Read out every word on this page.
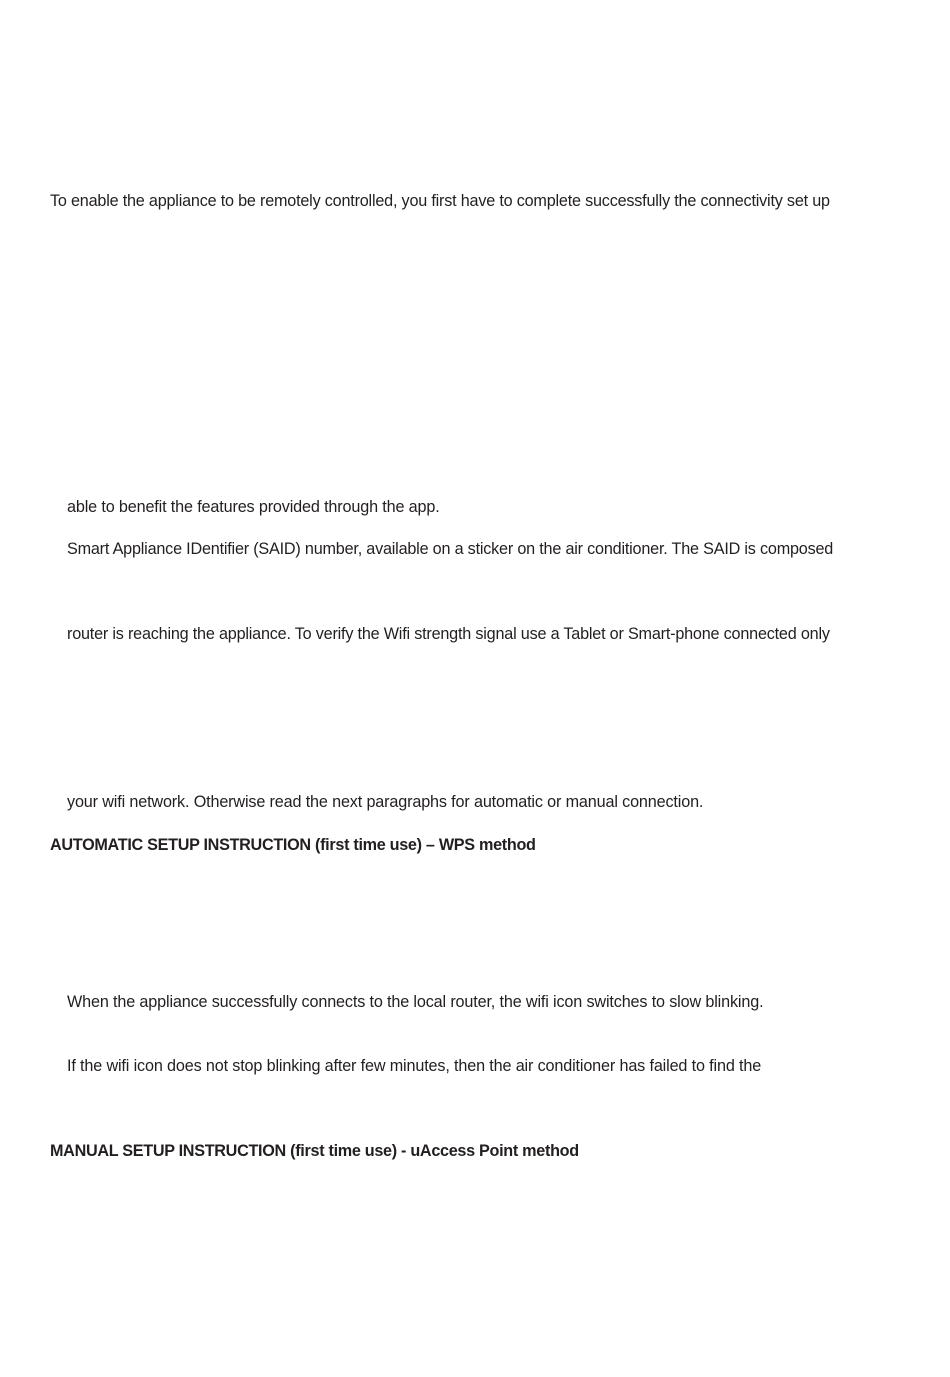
To enable the appliance to be remotely controlled, you first have to complete successfully the connectivity set up
able to benefit the features provided through the app.
Smart Appliance IDentifier (SAID) number, available on a sticker on the air conditioner. The SAID is composed
router is reaching the appliance. To verify the Wifi strength signal use a Tablet or Smart-phone connected only
your wifi network. Otherwise read the next paragraphs for automatic or manual connection.
AUTOMATIC SETUP INSTRUCTION (first time use) – WPS method
When the appliance successfully connects to the local router, the wifi icon switches to slow blinking.
If the wifi icon does not stop blinking after few minutes, then the air conditioner has failed to find the
MANUAL SETUP INSTRUCTION (first time use) - uAccess Point method
